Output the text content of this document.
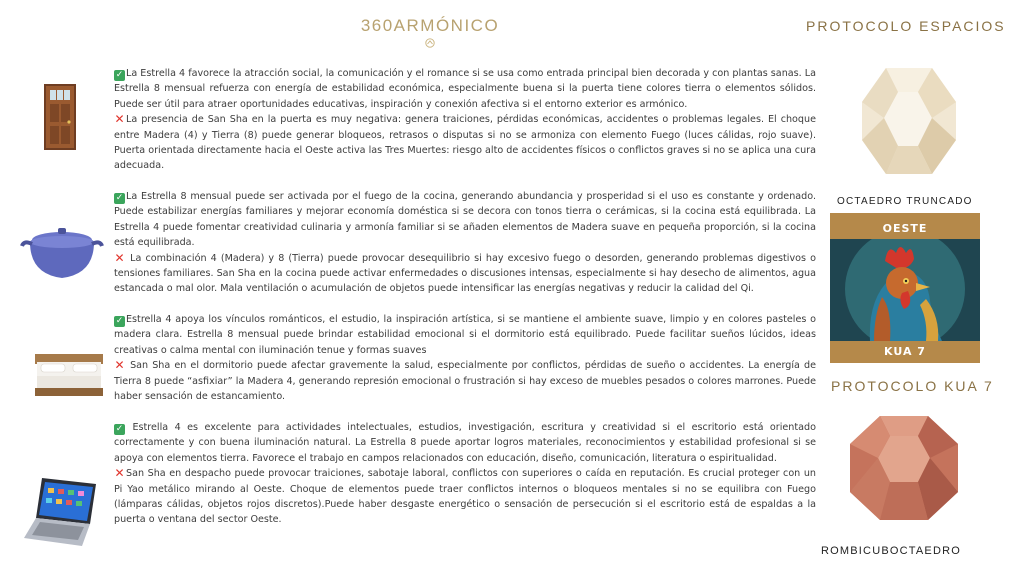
360ARMÓNICO	PROTOCOLO ESPACIOS
OCTAEDRO TRUNCADO
OESTE
KUA 7
PROTOCOLO KUA 7
ROMBICUBOCTAEDRO

✓ La Estrella 4 favorece la atracción social, la comunicación y el romance si se usa como entrada principal bien decorada y con plantas sanas. La Estrella 8 mensual refuerza con energía de estabilidad económica, especialmente buena si la puerta tiene colores tierra o elementos sólidos. Puede ser útil para atraer oportunidades educativas, inspiración y conexión afectiva si el entorno exterior es armónico.

✕La presencia de San Sha en la puerta es muy negativa: genera traiciones, pérdidas económicas, accidentes o problemas legales. El choque entre Madera (4) y Tierra (8) puede generar bloqueos, retrasos o disputas si no se armoniza con elemento Fuego (luces cálidas, rojo suave). Puerta orientada directamente hacia el Oeste activa las Tres Muertes: riesgo alto de accidentes físicos o conflictos graves si no se aplica una cura adecuada.

✓ La Estrella 8 mensual puede ser activada por el fuego de la cocina, generando abundancia y prosperidad si el uso es constante y ordenado. Puede estabilizar energías familiares y mejorar economía doméstica si se decora con tonos tierra o cerámicas, si la cocina está equilibrada. La Estrella 4 puede fomentar creatividad culinaria y armonía familiar si se añaden elementos de Madera suave en pequeña proporción, si la cocina está equilibrada.

✕ La combinación 4 (Madera) y 8 (Tierra) puede provocar desequilibrio si hay excesivo fuego o desorden, generando problemas digestivos o tensiones familiares. San Sha en la cocina puede activar enfermedades o discusiones intensas, especialmente si hay desecho de alimentos, agua estancada o mal olor. Mala ventilación o acumulación de objetos puede intensificar las energías negativas y reducir la calidad del Qi.

✓ Estrella 4 apoya los vínculos románticos, el estudio, la inspiración artística, si se mantiene el ambiente suave, limpio y en colores pasteles o madera clara. Estrella 8 mensual puede brindar estabilidad emocional si el dormitorio está equilibrado. Puede facilitar sueños lúcidos, ideas creativas o calma mental con iluminación tenue y formas suaves

✕ San Sha en el dormitorio puede afectar gravemente la salud, especialmente por conflictos, pérdidas de sueño o accidentes. La energía de Tierra 8 puede “asfixiar” la Madera 4, generando represión emocional o frustración si hay exceso de muebles pesados o colores marrones. Puede haber sensación de estancamiento.

✓ Estrella 4 es excelente para actividades intelectuales, estudios, investigación, escritura y creatividad si el escritorio está orientado correctamente y con buena iluminación natural. La Estrella 8 puede aportar logros materiales, reconocimientos y estabilidad profesional si se apoya con elementos tierra. Favorece el trabajo en campos relacionados con educación, diseño, comunicación, literatura o espiritualidad.

✕San Sha en despacho puede provocar traiciones, sabotaje laboral, conflictos con superiores o caída en reputación. Es crucial proteger con un Pi Yao metálico mirando al Oeste. Choque de elementos puede traer conflictos internos o bloqueos mentales si no se equilibra con Fuego (lámparas cálidas, objetos rojos discretos).Puede haber desgaste energético o sensación de persecución si el escritorio está de espaldas a la puerta o ventana del sector Oeste.
